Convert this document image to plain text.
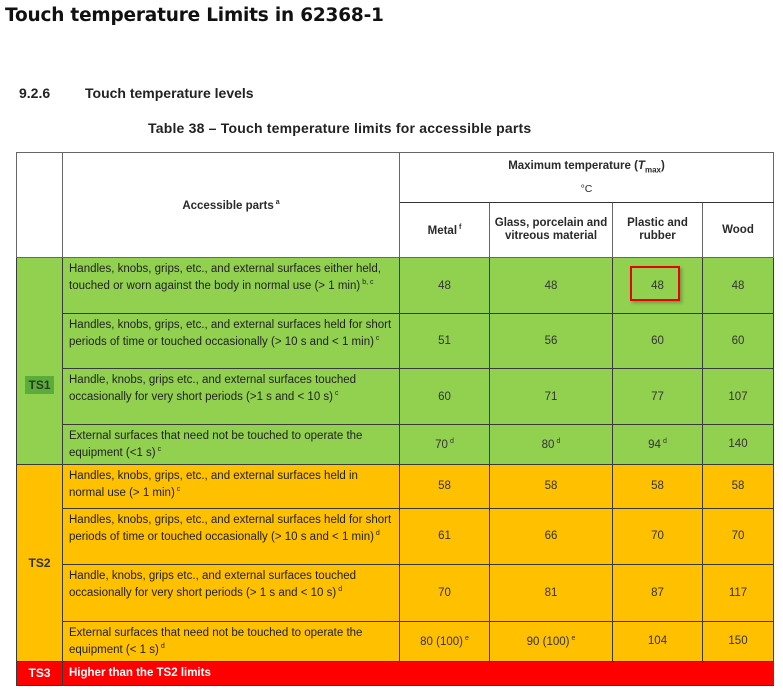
Touch temperature Limits in 62368-1
9.2.6 Touch temperature levels
Table 38 – Touch temperature limits for accessible parts
	Accessible parts $^a$	Maximum temperature $(T_{max})$
°C			

		Metal $^f$	Glass, porcelain and vitreous material	Plastic and rubber	Wood
TS1	Handles, knobs, grips, etc., and external surfaces either held, touched or worn against the body in normal use (> 1 min) $^{b, c}$	48	48	48	48
	Handles, knobs, grips, etc., and external surfaces held for short periods of time or touched occasionally (> 10 s and < 1 min) $^c$	51	56	60	60
	Handle, knobs, grips etc., and external surfaces touched occasionally for very short periods (>1 s and < 10 s) $^c$	60	71	77	107
	External surfaces that need not be touched to operate the equipment (<1 s) $^c$	70 $^d$	80 $^d$	94 $^d$	140
TS2	Handles, knobs, grips, etc., and external surfaces held in normal use (> 1 min) $^c$	58	58	58	58
	Handles, knobs, grips, etc., and external surfaces held for short periods of time or touched occasionally (> 10 s and < 1 min) $^d$	61	66	70	70
	Handle, knobs, grips etc., and external surfaces touched occasionally for very short periods (> 1 s and < 10 s) $^d$	70	81	87	117
	External surfaces that need not be touched to operate the equipment (< 1 s) $^d$	80 (100) $^e$	90 (100) $^e$	104	150
TS3	Higher than the TS2 limits				
